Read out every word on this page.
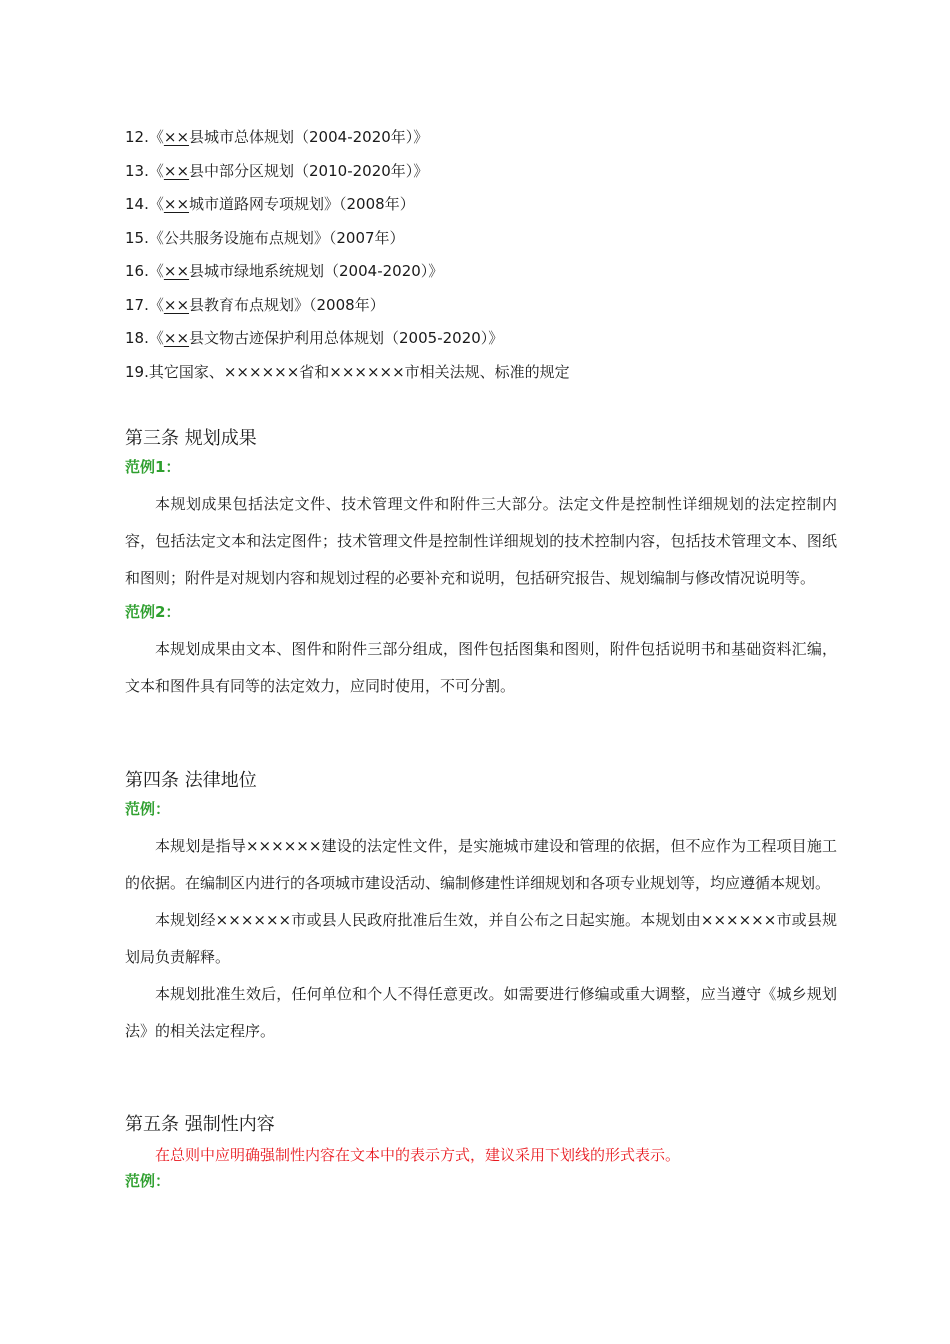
12.《××县城市总体规划（2004-2020年）》
13.《××县中部分区规划（2010-2020年）》
14.《××城市道路网专项规划》（2008年）
15.《公共服务设施布点规划》（2007年）
16.《××县城市绿地系统规划（2004-2020）》
17.《××县教育布点规划》（2008年）
18.《××县文物古迹保护利用总体规划（2005-2020）》
19.其它国家、××××××省和××××××市相关法规、标准的规定
第三条 规划成果
范例1：

本规划成果包括法定文件、技术管理文件和附件三大部分。法定文件是控制性详细规划的法定控制内容，包括法定文本和法定图件；技术管理文件是控制性详细规划的技术控制内容，包括技术管理文本、图纸和图则；附件是对规划内容和规划过程的必要补充和说明，包括研究报告、规划编制与修改情况说明等。

范例2：

本规划成果由文本、图件和附件三部分组成，图件包括图集和图则，附件包括说明书和基础资料汇编，文本和图件具有同等的法定效力，应同时使用，不可分割。

第四条 法律地位
范例：

本规划是指导××××××建设的法定性文件，是实施城市建设和管理的依据，但不应作为工程项目施工的依据。在编制区内进行的各项城市建设活动、编制修建性详细规划和各项专业规划等，均应遵循本规划。

本规划经××××××市或县人民政府批准后生效，并自公布之日起实施。本规划由××××××市或县规划局负责解释。

本规划批准生效后，任何单位和个人不得任意更改。如需要进行修编或重大调整，应当遵守《城乡规划法》的相关法定程序。

第五条 强制性内容
在总则中应明确强制性内容在文本中的表示方式，建议采用下划线的形式表示。
范例：
